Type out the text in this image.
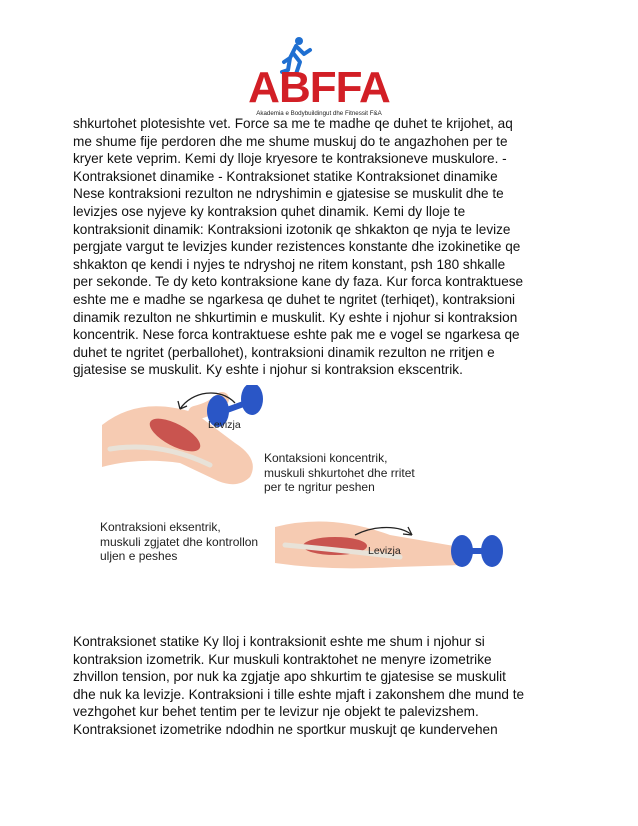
ABFFA
Akademia e Bodybuildingut dhe Fitnessit F&A
shkurtohet plotesishte vet. Force sa me te madhe qe duhet te krijohet, aq
me shume fije perdoren dhe me shume muskuj do te angazhohen per te
kryer kete veprim. Kemi dy lloje kryesore te kontraksioneve muskulore. -
Kontraksionet dinamike - Kontraksionet statike Kontraksionet dinamike
Nese kontraksioni rezulton ne ndryshimin e gjatesise se muskulit dhe te
levizjes ose nyjeve ky kontraksion quhet dinamik. Kemi dy lloje te
kontraksionit dinamik: Kontraksioni izotonik qe shkakton qe nyja te levize
pergjate vargut te levizjes kunder rezistences konstante dhe izokinetike qe
shkakton qe kendi i nyjes te ndryshoj ne ritem konstant, psh 180 shkalle
per sekonde. Te dy keto kontraksione kane dy faza. Kur forca kontraktuese
eshte me e madhe se ngarkesa qe duhet te ngritet (terhiqet), kontraksioni
dinamik rezulton ne shkurtimin e muskulit. Ky eshte i njohur si kontraksion
koncentrik. Nese forca kontraktuese eshte pak me e vogel se ngarkesa qe
duhet te ngritet (perballohet), kontraksioni dinamik rezulton ne rritjen e
gjatesise se muskulit. Ky eshte i njohur si kontraksion ekscentrik.
Levizja
Levizja
Kontaksioni koncentrik,
muskuli shkurtohet dhe rritet
per te ngritur peshen
Kontraksioni eksentrik,
muskuli zgjatet dhe kontrollon
uljen e peshes
Kontraksionet statike Ky lloj i kontraksionit eshte me shum i njohur si
kontraksion izometrik. Kur muskuli kontraktohet ne menyre izometrike
zhvillon tension, por nuk ka zgjatje apo shkurtim te gjatesise se muskulit
dhe nuk ka levizje. Kontraksioni i tille eshte mjaft i zakonshem dhe mund te
vezhgohet kur behet tentim per te levizur nje objekt te palevizshem.
Kontraksionet izometrike ndodhin ne sportkur muskujt qe kundervehen
